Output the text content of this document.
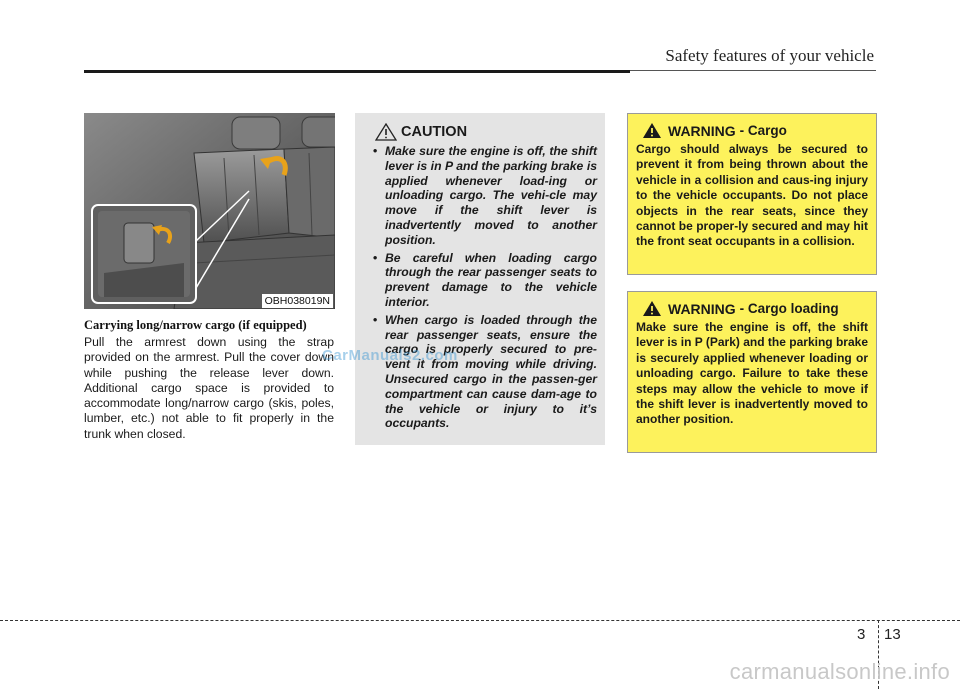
Safety features of your vehicle
OBH038019N
Carrying long/narrow cargo (if equipped)
Pull the armrest down using the strap provided on the armrest. Pull the cover down while pushing the release lever down. Additional cargo space is provided to accommodate long/narrow cargo (skis, poles, lumber, etc.) not able to fit properly in the trunk when closed.
CAUTION
• Make sure the engine is off, the shift lever is in P and the parking brake is applied whenever load-ing or unloading cargo. The vehi-cle may move if the shift lever is inadvertently moved to another position.
• Be careful when loading cargo through the rear passenger seats to prevent damage to the vehicle interior.
• When cargo is loaded through the rear passenger seats, ensure the cargo is properly secured to pre-vent it from moving while driving. Unsecured cargo in the passen-ger compartment can cause dam-age to the vehicle or injury to it’s occupants.
CarManuals2.com
WARNING - Cargo
Cargo should always be secured to prevent it from being thrown about the vehicle in a collision and caus-ing injury to the vehicle occupants. Do not place objects in the rear seats, since they cannot be proper-ly secured and may hit the front seat occupants in a collision.
WARNING - Cargo loading
Make sure the engine is off, the shift lever is in P (Park) and the parking brake is securely applied whenever loading or unloading cargo. Failure to take these steps may allow the vehicle to move if the shift lever is inadvertently moved to another position.
3 13
carmanualsonline.info
